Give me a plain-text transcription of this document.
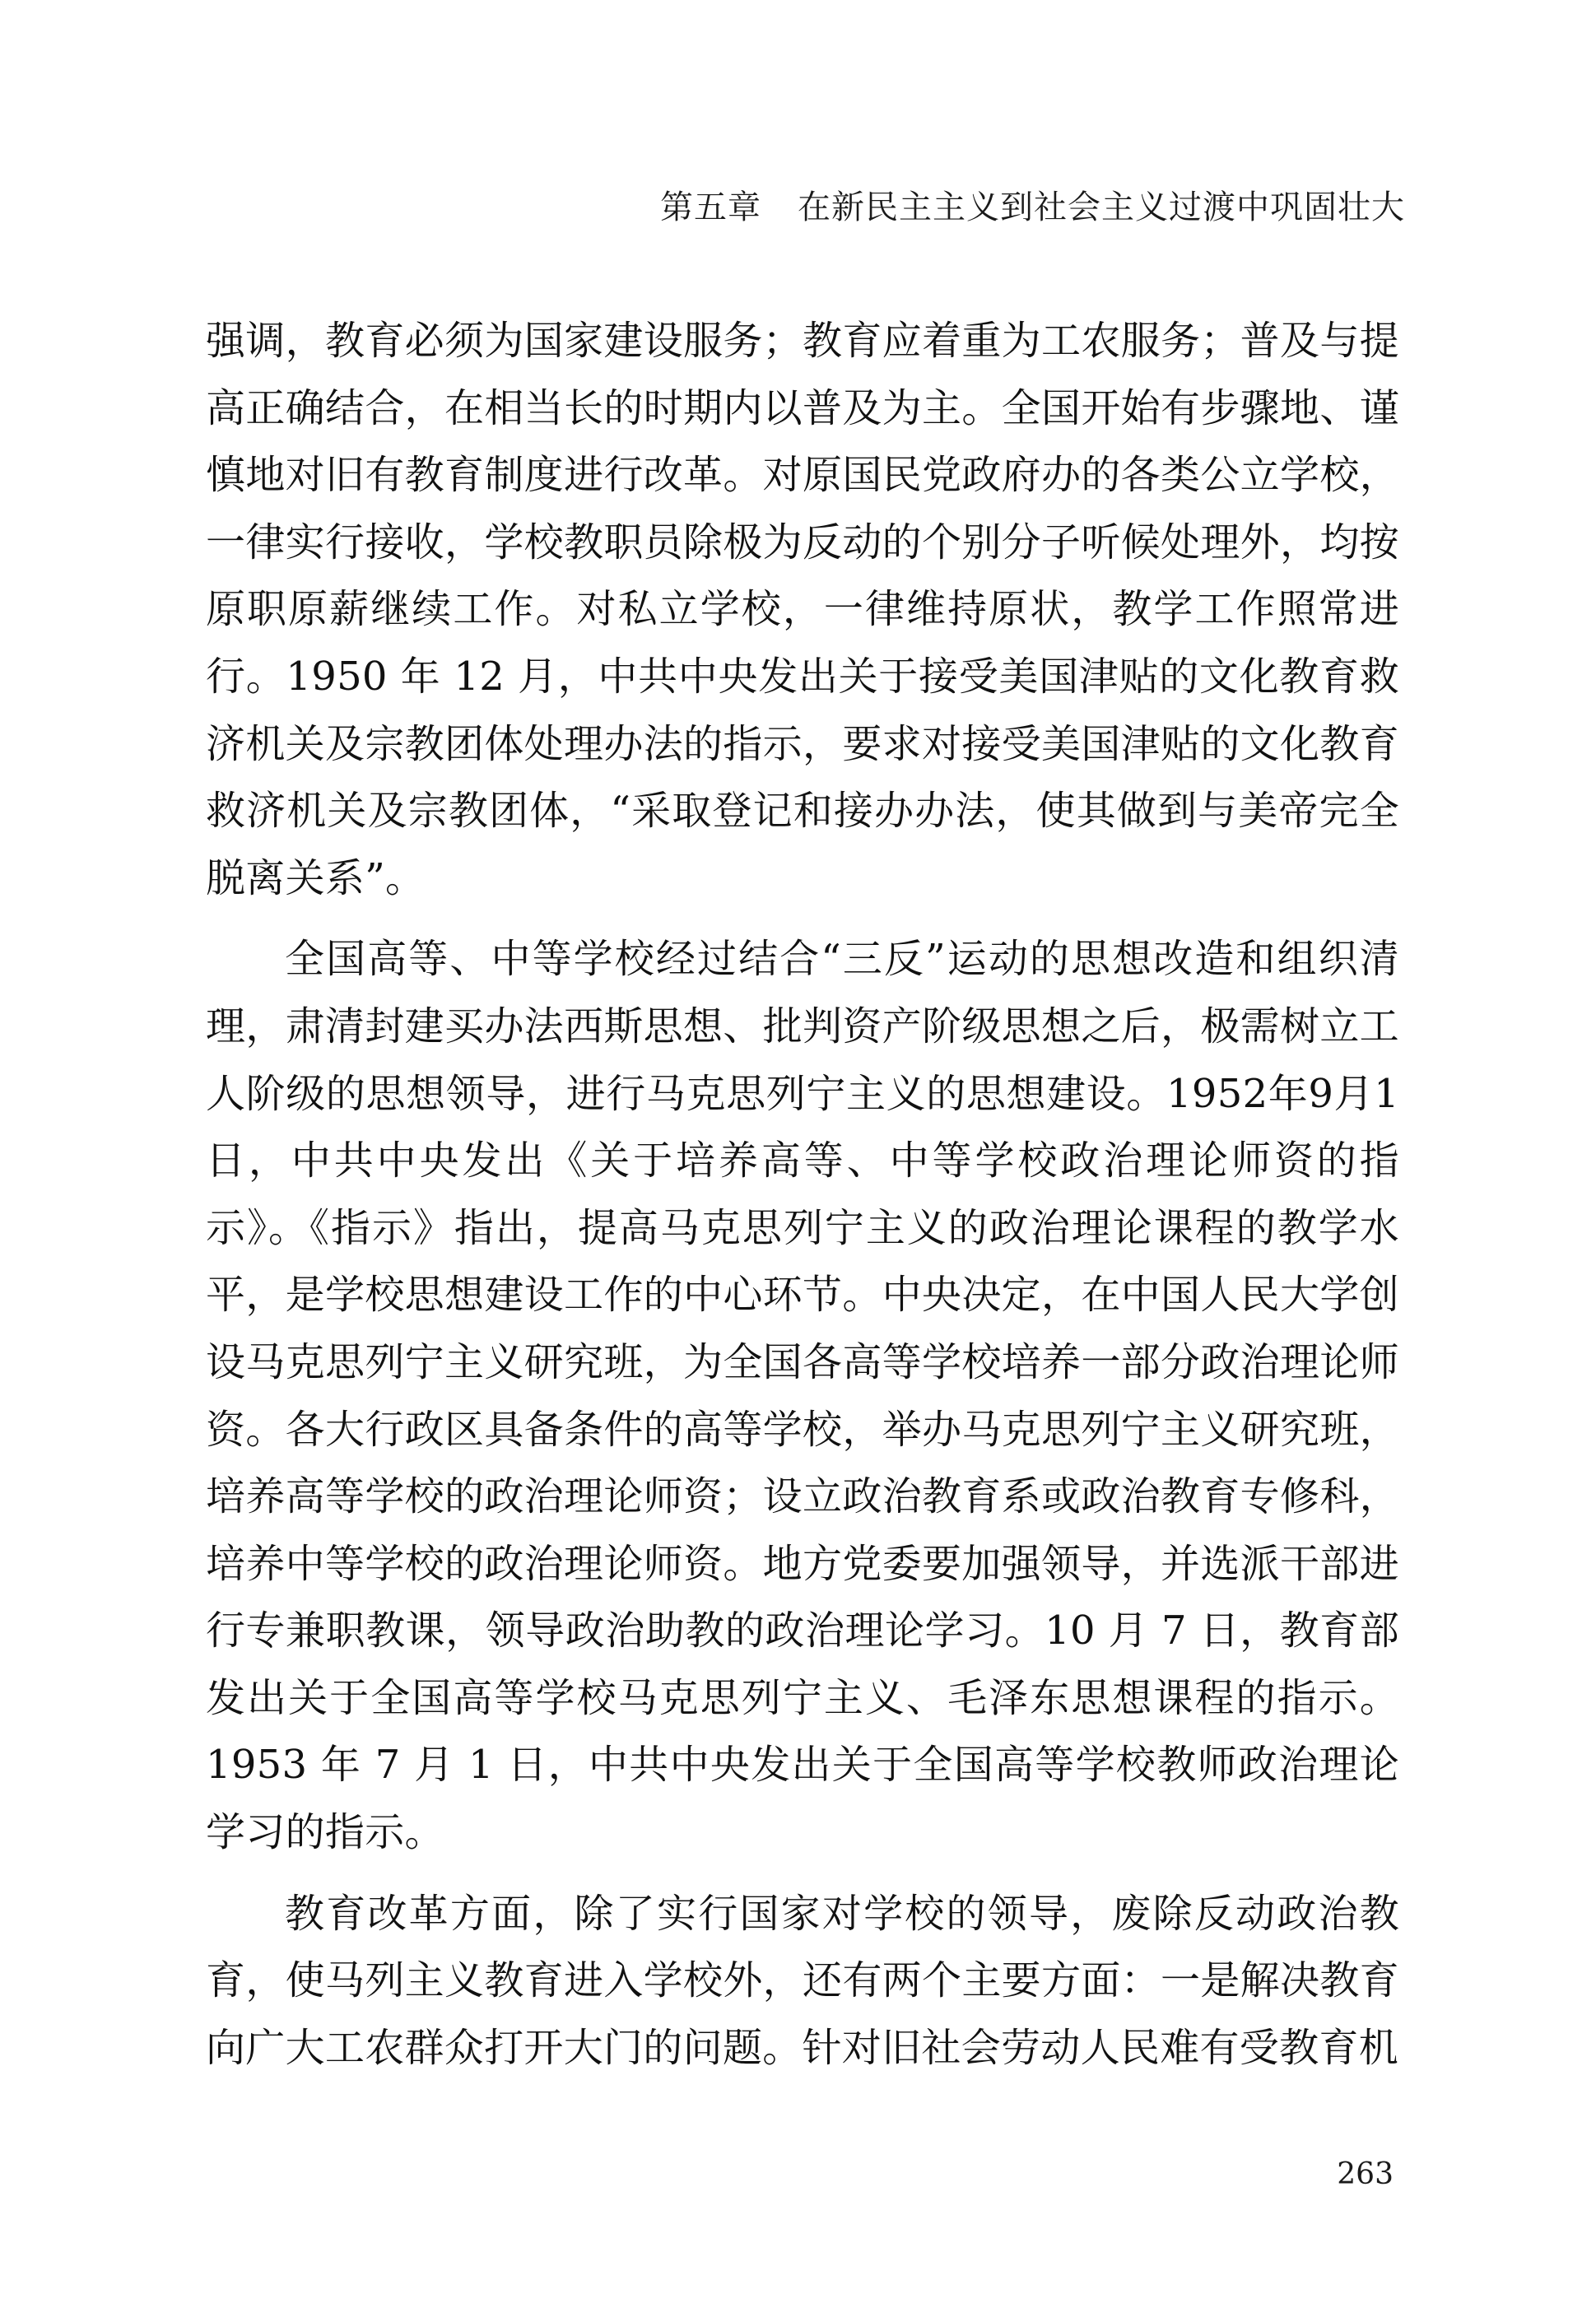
第五章 在新民主主义到社会主义过渡中巩固壮大

强调，教育必须为国家建设服务；教育应着重为工农服务；普及与提高正确结合，在相当长的时期内以普及为主。全国开始有步骤地、谨慎地对旧有教育制度进行改革。对原国民党政府办的各类公立学校，一律实行接收，学校教职员除极为反动的个别分子听候处理外，均按原职原薪继续工作。对私立学校，一律维持原状，教学工作照常进行。1950 年 12 月，中共中央发出关于接受美国津贴的文化教育救济机关及宗教团体处理办法的指示，要求对接受美国津贴的文化教育救济机关及宗教团体，“采取登记和接办办法，使其做到与美帝完全脱离关系”。

全国高等、中等学校经过结合“三反”运动的思想改造和组织清理，肃清封建买办法西斯思想、批判资产阶级思想之后，极需树立工人阶级的思想领导，进行马克思列宁主义的思想建设。1952年9月1日，中共中央发出《关于培养高等、中等学校政治理论师资的指示》。《指示》指出，提高马克思列宁主义的政治理论课程的教学水平，是学校思想建设工作的中心环节。中央决定，在中国人民大学创设马克思列宁主义研究班，为全国各高等学校培养一部分政治理论师资。各大行政区具备条件的高等学校，举办马克思列宁主义研究班，培养高等学校的政治理论师资；设立政治教育系或政治教育专修科，培养中等学校的政治理论师资。地方党委要加强领导，并选派干部进行专兼职教课，领导政治助教的政治理论学习。10 月 7 日，教育部发出关于全国高等学校马克思列宁主义、毛泽东思想课程的指示。1953 年 7 月 1 日，中共中央发出关于全国高等学校教师政治理论学习的指示。

教育改革方面，除了实行国家对学校的领导，废除反动政治教育，使马列主义教育进入学校外，还有两个主要方面：一是解决教育向广大工农群众打开大门的问题。针对旧社会劳动人民难有受教育机

263
